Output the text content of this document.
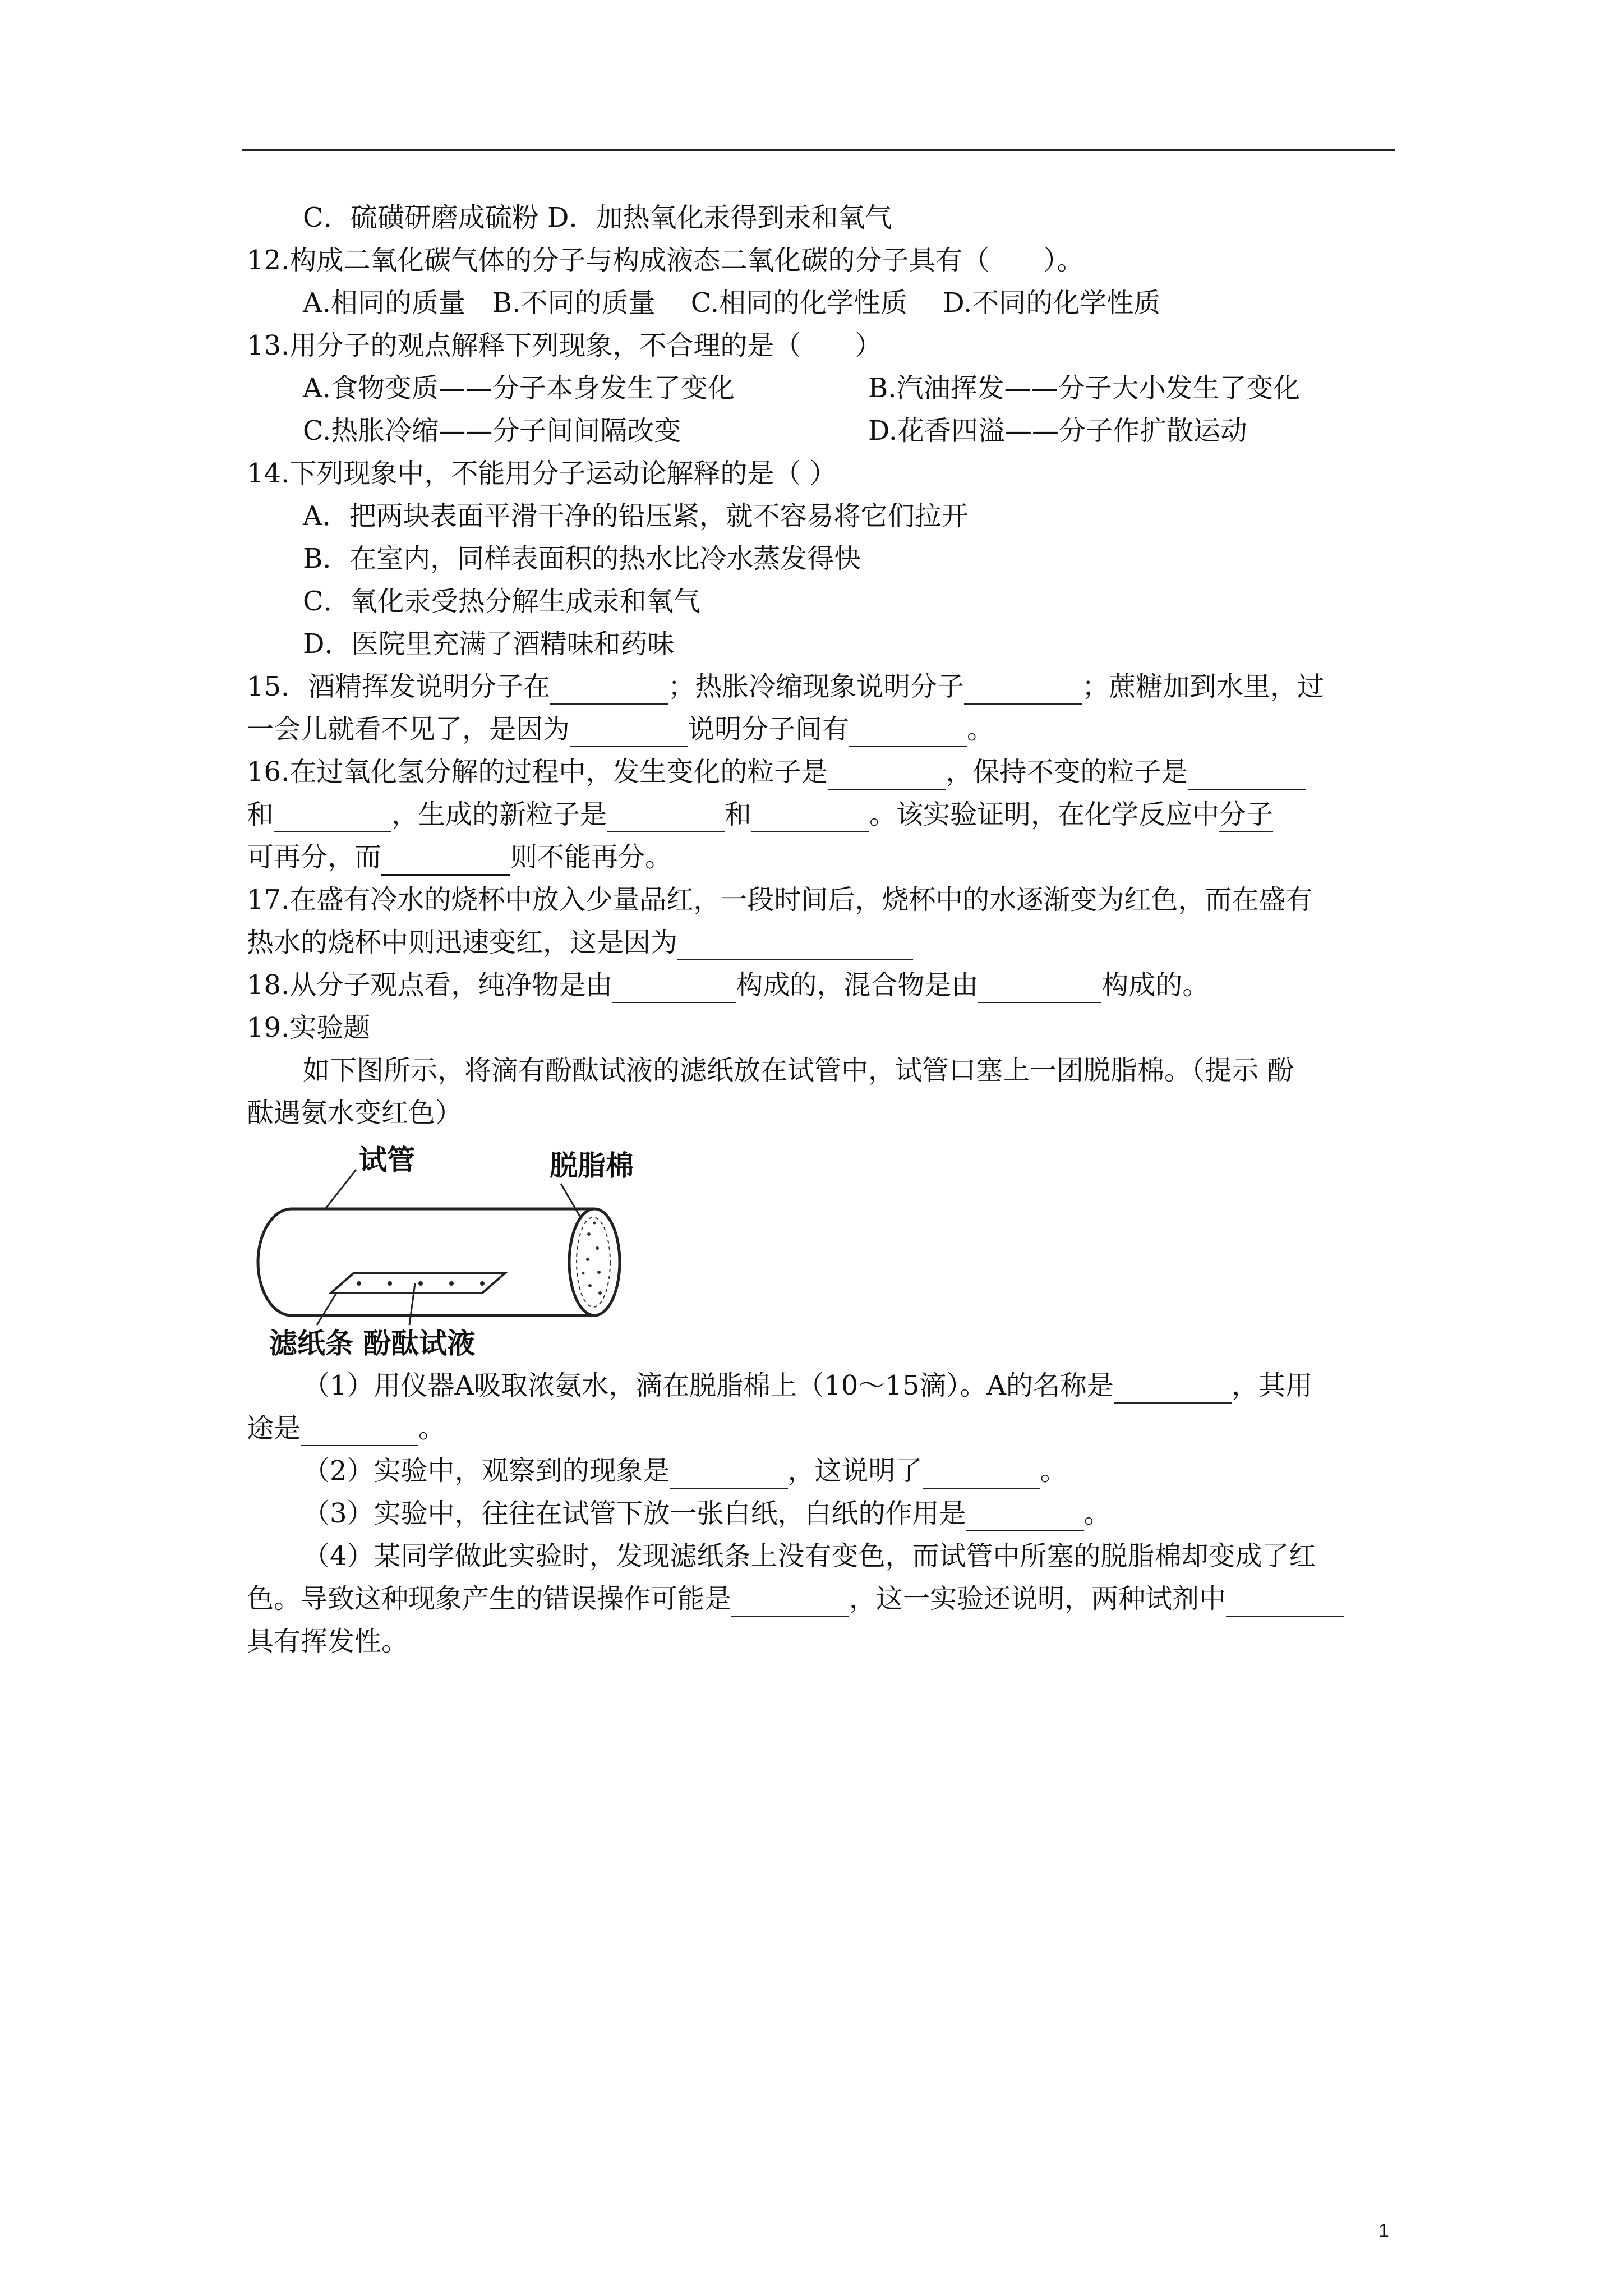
C．硫磺研磨成硫粉 D．加热氧化汞得到汞和氧气
12.构成二氧化碳气体的分子与构成液态二氧化碳的分子具有（　　）。
A.相同的质量　B.不同的质量　 C.相同的化学性质　 D.不同的化学性质
13.用分子的观点解释下列现象，不合理的是（　　）
A.食物变质——分子本身发生了变化	B.汽油挥发——分子大小发生了变化
C.热胀冷缩——分子间间隔改变	D.花香四溢——分子作扩散运动
14.下列现象中，不能用分子运动论解释的是（ ）
A．把两块表面平滑干净的铅压紧，就不容易将它们拉开
B．在室内，同样表面积的热水比冷水蒸发得快
C．氧化汞受热分解生成汞和氧气
D．医院里充满了酒精味和药味
15．酒精挥发说明分子在	；热胀冷缩现象说明分子	；蔗糖加到水里，过
一会儿就看不见了，是因为	说明分子间有	。
16.在过氧化氢分解的过程中，发生变化的粒子是	，保持不变的粒子是
和	，生成的新粒子是	和	。该实验证明，在化学反应中分子
可再分，而	则不能再分。
17.在盛有冷水的烧杯中放入少量品红，一段时间后，烧杯中的水逐渐变为红色，而在盛有
热水的烧杯中则迅速变红，这是因为
18.从分子观点看，纯净物是由	构成的，混合物是由	构成的。
19.实验题
如下图所示，将滴有酚酞试液的滤纸放在试管中，试管口塞上一团脱脂棉。（提示 酚
酞遇氨水变红色）
试管	脱脂棉
滤纸条 酚酞试液
（1）用仪器A吸取浓氨水，滴在脱脂棉上（10～15滴）。A的名称是	，其用
途是	。
（2）实验中，观察到的现象是	，这说明了	。
（3）实验中，往往在试管下放一张白纸，白纸的作用是	。
（4）某同学做此实验时，发现滤纸条上没有变色，而试管中所塞的脱脂棉却变成了红
色。导致这种现象产生的错误操作可能是	，这一实验还说明，两种试剂中
具有挥发性。
1
